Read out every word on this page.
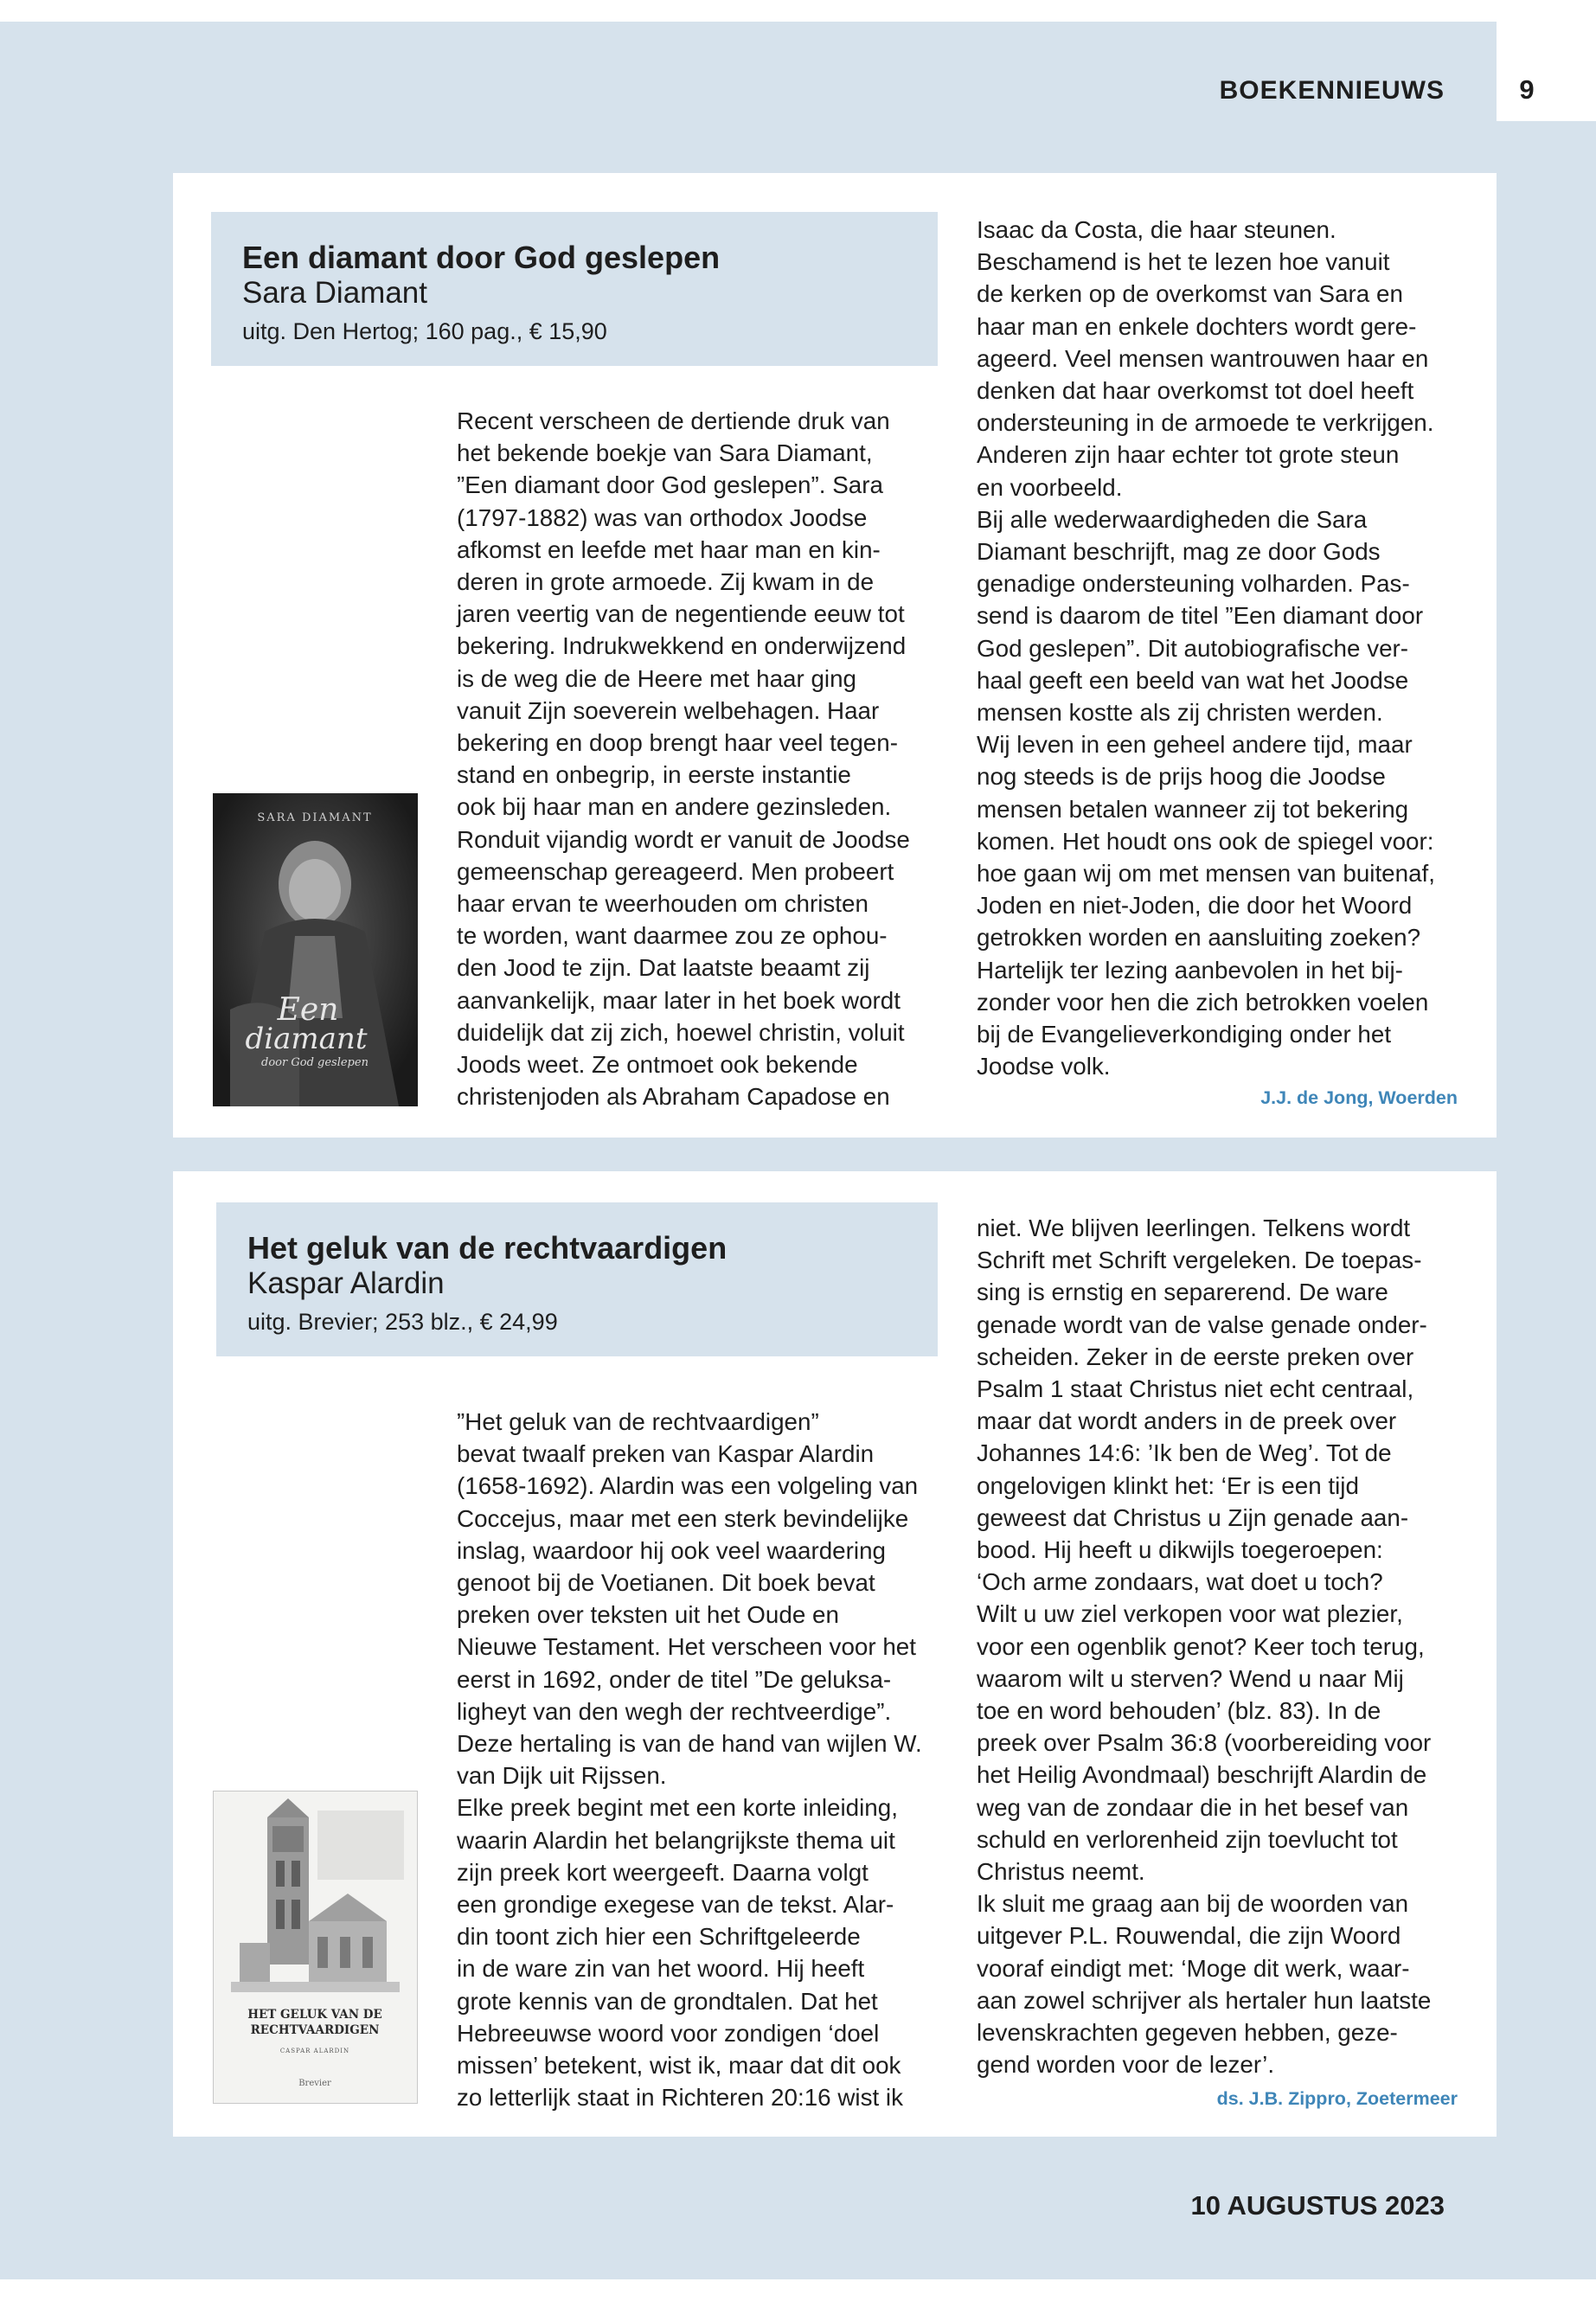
9
BOEKENNIEUWS
Een diamant door God geslepen
Sara Diamant
uitg. Den Hertog; 160 pag., € 15,90
SARA DIAMANT
Een
diamant
door God geslepen
Recent verscheen de dertiende druk van
het bekende boekje van Sara Diamant,
”Een diamant door God geslepen”. Sara
(1797-1882) was van orthodox Joodse
afkomst en leefde met haar man en kin-
deren in grote armoede. Zij kwam in de
jaren veertig van de negentiende eeuw tot
bekering. Indrukwekkend en onderwijzend
is de weg die de Heere met haar ging
vanuit Zijn soeverein welbehagen. Haar
bekering en doop brengt haar veel tegen-
stand en onbegrip, in eerste instantie
ook bij haar man en andere gezinsleden.
Ronduit vijandig wordt er vanuit de Joodse
gemeenschap gereageerd. Men probeert
haar ervan te weerhouden om christen
te worden, want daarmee zou ze ophou-
den Jood te zijn. Dat laatste beaamt zij
aanvankelijk, maar later in het boek wordt
duidelijk dat zij zich, hoewel christin, voluit
Joods weet. Ze ontmoet ook bekende
christenjoden als Abraham Capadose en
Isaac da Costa, die haar steunen.
Beschamend is het te lezen hoe vanuit
de kerken op de overkomst van Sara en
haar man en enkele dochters wordt gere-
ageerd. Veel mensen wantrouwen haar en
denken dat haar overkomst tot doel heeft
ondersteuning in de armoede te verkrijgen.
Anderen zijn haar echter tot grote steun
en voorbeeld.
Bij alle wederwaardigheden die Sara
Diamant beschrijft, mag ze door Gods
genadige ondersteuning volharden. Pas-
send is daarom de titel ”Een diamant door
God geslepen”. Dit autobiografische ver-
haal geeft een beeld van wat het Joodse
mensen kostte als zij christen werden.
Wij leven in een geheel andere tijd, maar
nog steeds is de prijs hoog die Joodse
mensen betalen wanneer zij tot bekering
komen. Het houdt ons ook de spiegel voor:
hoe gaan wij om met mensen van buitenaf,
Joden en niet-Joden, die door het Woord
getrokken worden en aansluiting zoeken?
Hartelijk ter lezing aanbevolen in het bij-
zonder voor hen die zich betrokken voelen
bij de Evangelieverkondiging onder het
Joodse volk.
J.J. de Jong, Woerden
Het geluk van de rechtvaardigen
Kaspar Alardin
uitg. Brevier; 253 blz., € 24,99
HET GELUK VAN DE
RECHTVAARDIGEN
CASPAR ALARDIN
Brevier
”Het geluk van de rechtvaardigen”
bevat twaalf preken van Kaspar Alardin
(1658-1692). Alardin was een volgeling van
Coccejus, maar met een sterk bevindelijke
inslag, waardoor hij ook veel waardering
genoot bij de Voetianen. Dit boek bevat
preken over teksten uit het Oude en
Nieuwe Testament. Het verscheen voor het
eerst in 1692, onder de titel ”De geluksa-
ligheyt van den wegh der rechtveerdige”.
Deze hertaling is van de hand van wijlen W.
van Dijk uit Rijssen.
Elke preek begint met een korte inleiding,
waarin Alardin het belangrijkste thema uit
zijn preek kort weergeeft. Daarna volgt
een grondige exegese van de tekst. Alar-
din toont zich hier een Schriftgeleerde
in de ware zin van het woord. Hij heeft
grote kennis van de grondtalen. Dat het
Hebreeuwse woord voor zondigen ‘doel
missen’ betekent, wist ik, maar dat dit ook
zo letterlijk staat in Richteren 20:16 wist ik
niet. We blijven leerlingen. Telkens wordt
Schrift met Schrift vergeleken. De toepas-
sing is ernstig en separerend. De ware
genade wordt van de valse genade onder-
scheiden. Zeker in de eerste preken over
Psalm 1 staat Christus niet echt centraal,
maar dat wordt anders in de preek over
Johannes 14:6: ’Ik ben de Weg’. Tot de
ongelovigen klinkt het: ‘Er is een tijd
geweest dat Christus u Zijn genade aan-
bood. Hij heeft u dikwijls toegeroepen:
‘Och arme zondaars, wat doet u toch?
Wilt u uw ziel verkopen voor wat plezier,
voor een ogenblik genot? Keer toch terug,
waarom wilt u sterven? Wend u naar Mij
toe en word behouden’ (blz. 83). In de
preek over Psalm 36:8 (voorbereiding voor
het Heilig Avondmaal) beschrijft Alardin de
weg van de zondaar die in het besef van
schuld en verlorenheid zijn toevlucht tot
Christus neemt.
Ik sluit me graag aan bij de woorden van
uitgever P.L. Rouwendal, die zijn Woord
vooraf eindigt met: ‘Moge dit werk, waar-
aan zowel schrijver als hertaler hun laatste
levenskrachten gegeven hebben, geze-
gend worden voor de lezer’.
ds. J.B. Zippro, Zoetermeer
10 AUGUSTUS 2023
